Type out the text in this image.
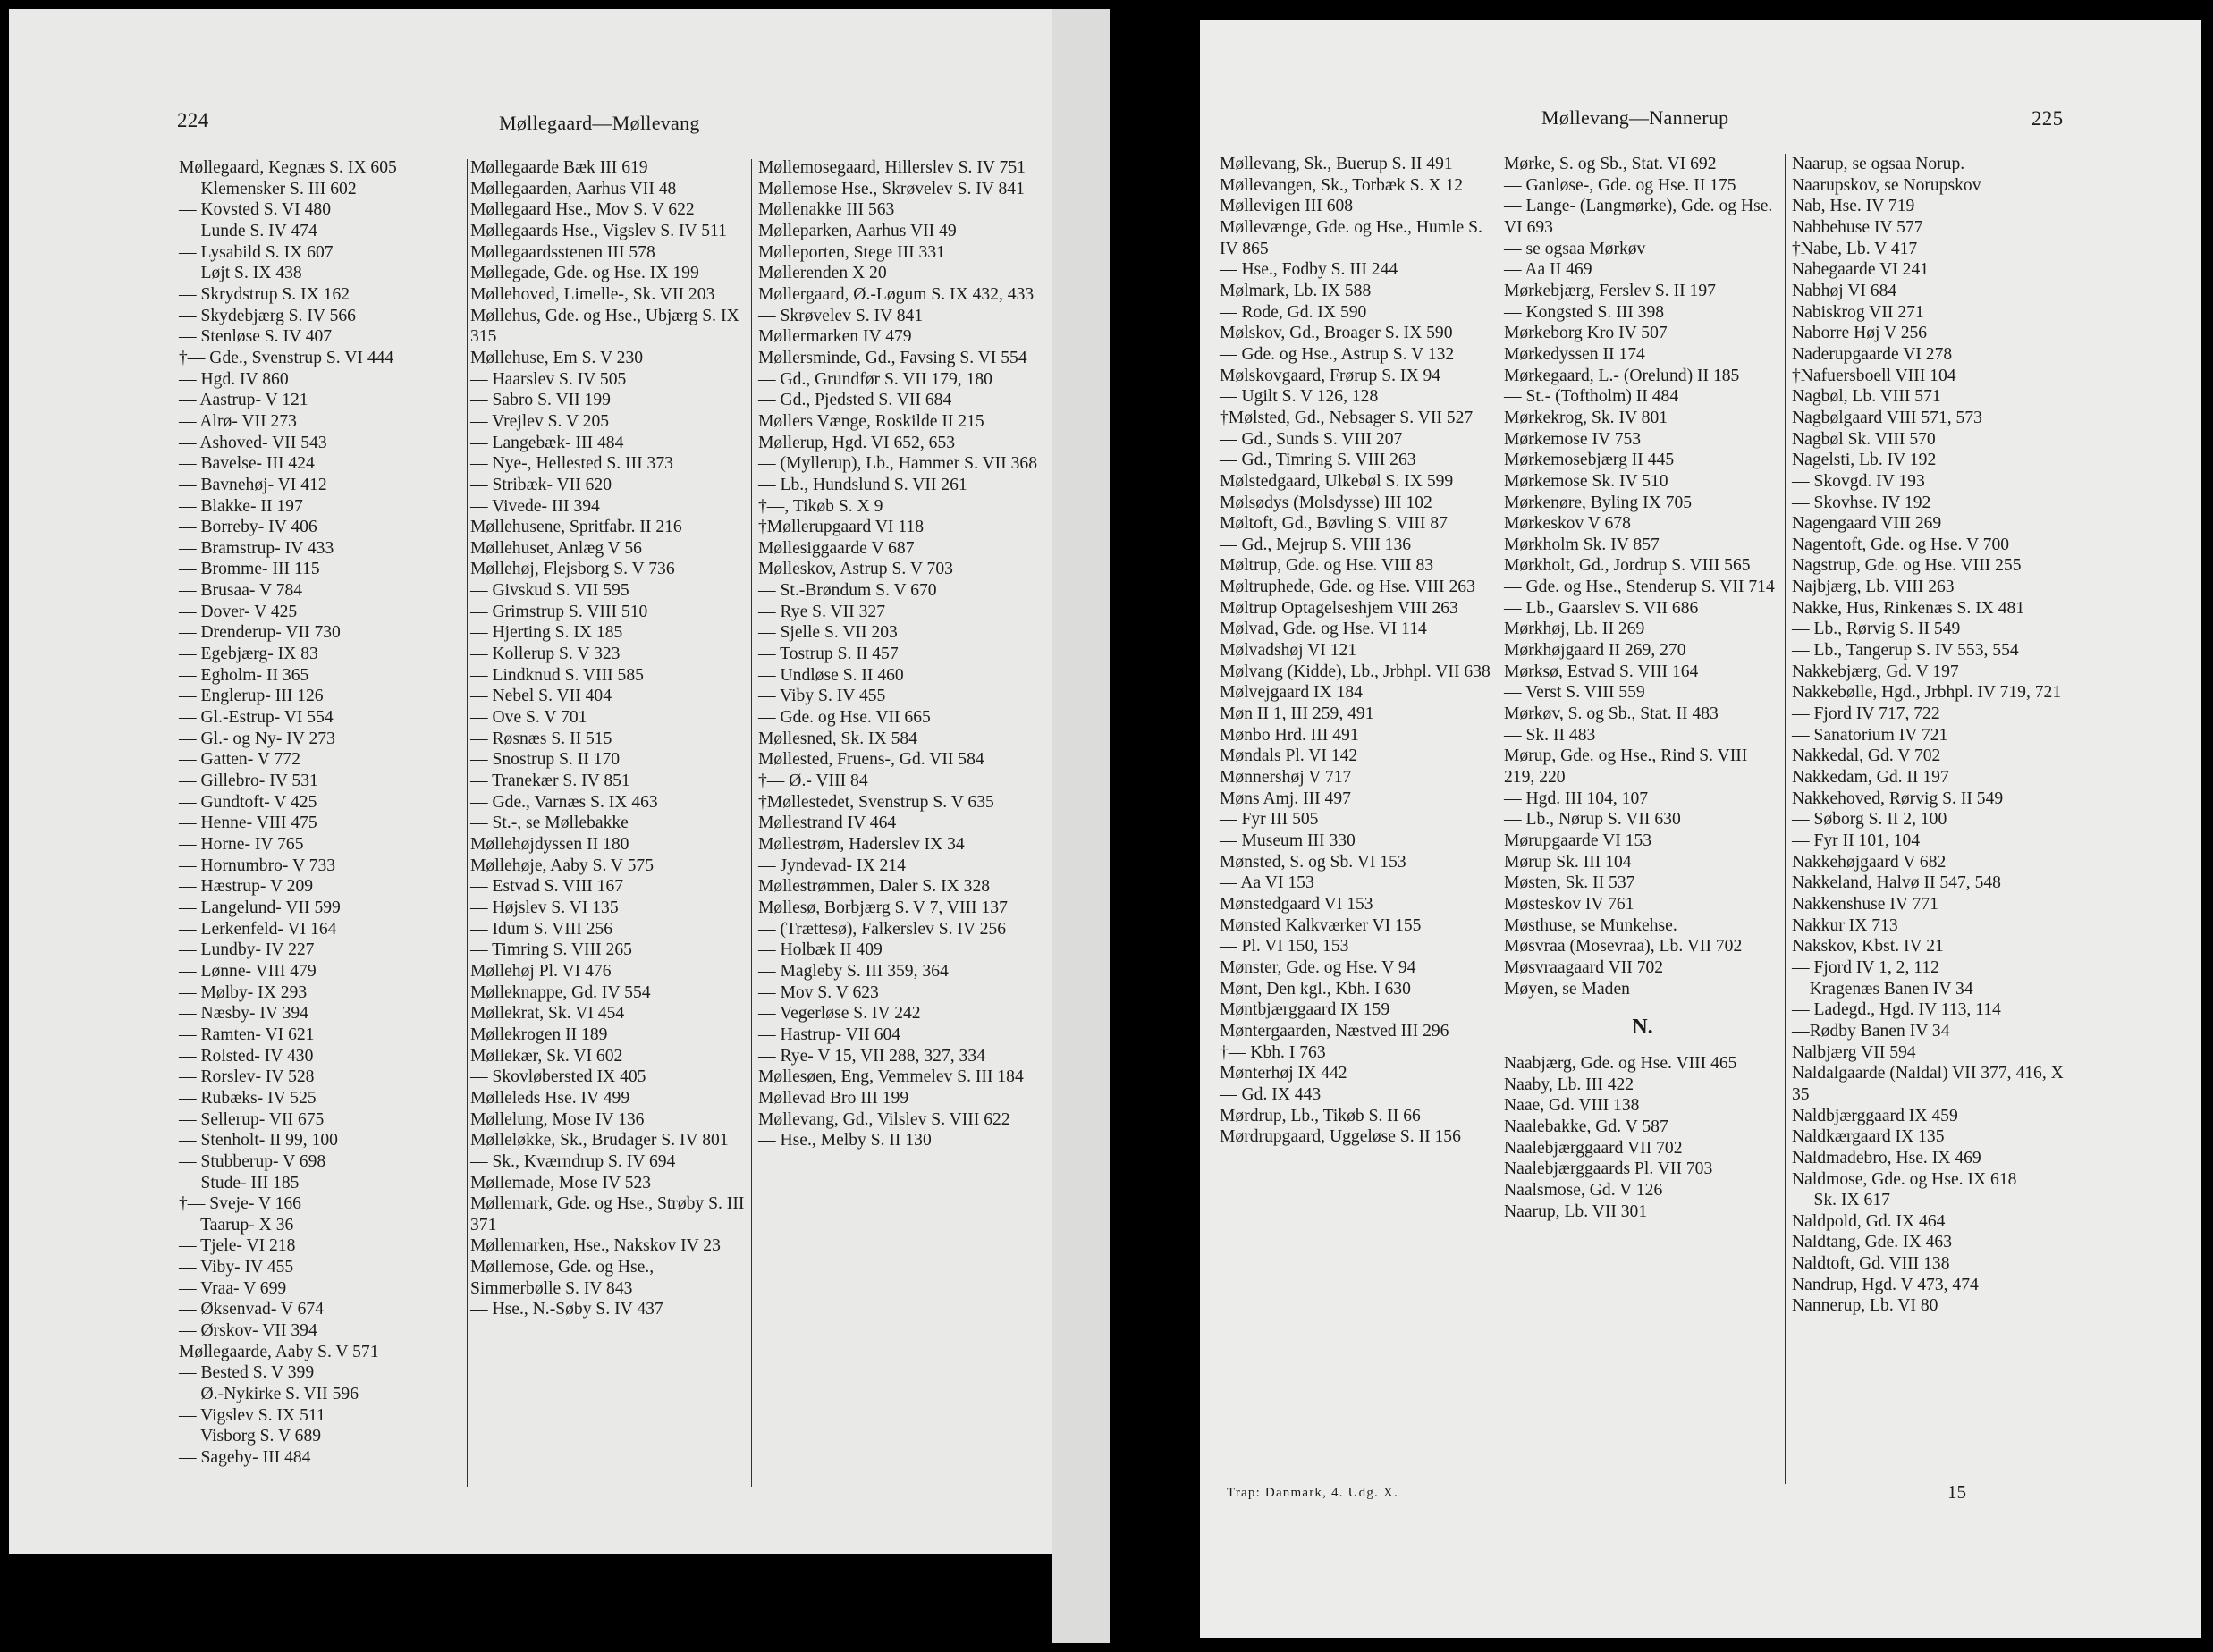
224	Møllegaard—Møllevang
Møllegaard, Kegnæs S. IX 605
— Klemensker S. III 602
— Kovsted S. VI 480
— Lunde S. IV 474
— Lysabild S. IX 607
— Løjt S. IX 438
— Skrydstrup S. IX 162
— Skydebjærg S. IV 566
— Stenløse S. IV 407
†— Gde., Svenstrup S. VI 444
— Hgd. IV 860
— Aastrup- V 121
— Alrø- VII 273
— Ashoved- VII 543
— Bavelse- III 424
— Bavnehøj- VI 412
— Blakke- II 197
— Borreby- IV 406
— Bramstrup- IV 433
— Bromme- III 115
— Brusaa- V 784
— Dover- V 425
— Drenderup- VII 730
— Egebjærg- IX 83
— Egholm- II 365
— Englerup- III 126
— Gl.-Estrup- VI 554
— Gl.- og Ny- IV 273
— Gatten- V 772
— Gillebro- IV 531
— Gundtoft- V 425
— Henne- VIII 475
— Horne- IV 765
— Hornumbro- V 733
— Hæstrup- V 209
— Langelund- VII 599
— Lerkenfeld- VI 164
— Lundby- IV 227
— Lønne- VIII 479
— Mølby- IX 293
— Næsby- IV 394
— Ramten- VI 621
— Rolsted- IV 430
— Rorslev- IV 528
— Rubæks- IV 525
— Sellerup- VII 675
— Stenholt- II 99, 100
— Stubberup- V 698
— Stude- III 185
†— Sveje- V 166
— Taarup- X 36
— Tjele- VI 218
— Viby- IV 455
— Vraa- V 699
— Øksenvad- V 674
— Ørskov- VII 394
Møllegaarde, Aaby S. V 571
— Bested S. V 399
— Ø.-Nykirke S. VII 596
— Vigslev S. IX 511
— Visborg S. V 689
— Sageby- III 484
Møllegaarde Bæk III 619
Møllegaarden, Aarhus VII 48
Møllegaard Hse., Mov S. V 622
Møllegaards Hse., Vigslev S. IV 511
Møllegaardsstenen III 578
Møllegade, Gde. og Hse. IX 199
Møllehoved, Limelle-, Sk. VII 203
Møllehus, Gde. og Hse., Ubjærg S. IX 315
Møllehuse, Em S. V 230
— Haarslev S. IV 505
— Sabro S. VII 199
— Vrejlev S. V 205
— Langebæk- III 484
— Nye-, Hellested S. III 373
— Stribæk- VII 620
— Vivede- III 394
Møllehusene, Spritfabr. II 216
Møllehuset, Anlæg V 56
Møllehøj, Flejsborg S. V 736
— Givskud S. VII 595
— Grimstrup S. VIII 510
— Hjerting S. IX 185
— Kollerup S. V 323
— Lindknud S. VIII 585
— Nebel S. VII 404
— Ove S. V 701
— Røsnæs S. II 515
— Snostrup S. II 170
— Tranekær S. IV 851
— Gde., Varnæs S. IX 463
— St.-, se Møllebakke
Møllehøjdyssen II 180
Møllehøje, Aaby S. V 575
— Estvad S. VIII 167
— Højslev S. VI 135
— Idum S. VIII 256
— Timring S. VIII 265
Møllehøj Pl. VI 476
Mølleknappe, Gd. IV 554
Møllekrat, Sk. VI 454
Møllekrogen II 189
Møllekær, Sk. VI 602
— Skovløbersted IX 405
Mølleleds Hse. IV 499
Møllelung, Mose IV 136
Mølleløkke, Sk., Brudager S. IV 801
— Sk., Kværndrup S. IV 694
Møllemade, Mose IV 523
Møllemark, Gde. og Hse., Strøby S. III 371
Møllemarken, Hse., Nakskov IV 23
Møllemose, Gde. og Hse., Simmerbølle S. IV 843
— Hse., N.-Søby S. IV 437
Møllemosegaard, Hillerslev S. IV 751
Møllemose Hse., Skrøvelev S. IV 841
Møllenakke III 563
Mølleparken, Aarhus VII 49
Mølleporten, Stege III 331
Møllerenden X 20
Møllergaard, Ø.-Løgum S. IX 432, 433
— Skrøvelev S. IV 841
Møllermarken IV 479
Møllersminde, Gd., Favsing S. VI 554
— Gd., Grundfør S. VII 179, 180
— Gd., Pjedsted S. VII 684
Møllers Vænge, Roskilde II 215
Møllerup, Hgd. VI 652, 653
— (Myllerup), Lb., Hammer S. VII 368
— Lb., Hundslund S. VII 261
†—, Tikøb S. X 9
†Møllerupgaard VI 118
Møllesiggaarde V 687
Mølleskov, Astrup S. V 703
— St.-Brøndum S. V 670
— Rye S. VII 327
— Sjelle S. VII 203
— Tostrup S. II 457
— Undløse S. II 460
— Viby S. IV 455
— Gde. og Hse. VII 665
Møllesned, Sk. IX 584
Møllested, Fruens-, Gd. VII 584
†— Ø.- VIII 84
†Møllestedet, Svenstrup S. V 635
Møllestrand IV 464
Møllestrøm, Haderslev IX 34
— Jyndevad- IX 214
Møllestrømmen, Daler S. IX 328
Møllesø, Borbjærg S. V 7, VIII 137
— (Trættesø), Falkerslev S. IV 256
— Holbæk II 409
— Magleby S. III 359, 364
— Mov S. V 623
— Vegerløse S. IV 242
— Hastrup- VII 604
— Rye- V 15, VII 288, 327, 334
Møllesøen, Eng, Vemmelev S. III 184
Møllevad Bro III 199
Møllevang, Gd., Vilslev S. VIII 622
— Hse., Melby S. II 130
Møllevang—Nannerup	225
Møllevang, Sk., Buerup S. II 491
Møllevangen, Sk., Torbæk S. X 12
Møllevigen III 608
Møllevænge, Gde. og Hse., Humle S. IV 865
— Hse., Fodby S. III 244
Mølmark, Lb. IX 588
— Rode, Gd. IX 590
Mølskov, Gd., Broager S. IX 590
— Gde. og Hse., Astrup S. V 132
Mølskovgaard, Frørup S. IX 94
— Ugilt S. V 126, 128
†Mølsted, Gd., Nebsager S. VII 527
— Gd., Sunds S. VIII 207
— Gd., Timring S. VIII 263
Mølstedgaard, Ulkebøl S. IX 599
Mølsødys (Molsdysse) III 102
Møltoft, Gd., Bøvling S. VIII 87
— Gd., Mejrup S. VIII 136
Møltrup, Gde. og Hse. VIII 83
Møltruphede, Gde. og Hse. VIII 263
Møltrup Optagelseshjem VIII 263
Mølvad, Gde. og Hse. VI 114
Mølvadshøj VI 121
Mølvang (Kidde), Lb., Jrbhpl. VII 638
Mølvejgaard IX 184
Møn II 1, III 259, 491
Mønbo Hrd. III 491
Møndals Pl. VI 142
Mønnershøj V 717
Møns Amj. III 497
— Fyr III 505
— Museum III 330
Mønsted, S. og Sb. VI 153
— Aa VI 153
Mønstedgaard VI 153
Mønsted Kalkværker VI 155
— Pl. VI 150, 153
Mønster, Gde. og Hse. V 94
Mønt, Den kgl., Kbh. I 630
Møntbjærggaard IX 159
Møntergaarden, Næstved III 296
†— Kbh. I 763
Mønterhøj IX 442
— Gd. IX 443
Mørdrup, Lb., Tikøb S. II 66
Mørdrupgaard, Uggeløse S. II 156
Mørke, S. og Sb., Stat. VI 692
— Ganløse-, Gde. og Hse. II 175
— Lange- (Langmørke), Gde. og Hse. VI 693
— se ogsaa Mørkøv
— Aa II 469
Mørkebjærg, Ferslev S. II 197
— Kongsted S. III 398
Mørkeborg Kro IV 507
Mørkedyssen II 174
Mørkegaard, L.- (Orelund) II 185
— St.- (Toftholm) II 484
Mørkekrog, Sk. IV 801
Mørkemose IV 753
Mørkemosebjærg II 445
Mørkemose Sk. IV 510
Mørkenøre, Byling IX 705
Mørkeskov V 678
Mørkholm Sk. IV 857
Mørkholt, Gd., Jordrup S. VIII 565
— Gde. og Hse., Stenderup S. VII 714
— Lb., Gaarslev S. VII 686
Mørkhøj, Lb. II 269
Mørkhøjgaard II 269, 270
Mørksø, Estvad S. VIII 164
— Verst S. VIII 559
Mørkøv, S. og Sb., Stat. II 483
— Sk. II 483
Mørup, Gde. og Hse., Rind S. VIII 219, 220
— Hgd. III 104, 107
— Lb., Nørup S. VII 630
Mørupgaarde VI 153
Mørup Sk. III 104
Møsten, Sk. II 537
Møsteskov IV 761
Møsthuse, se Munkehse.
Møsvraa (Mosevraa), Lb. VII 702
Møsvraagaard VII 702
Møyen, se Maden
N.
Naabjærg, Gde. og Hse. VIII 465
Naaby, Lb. III 422
Naae, Gd. VIII 138
Naalebakke, Gd. V 587
Naalebjærggaard VII 702
Naalebjærggaards Pl. VII 703
Naalsmose, Gd. V 126
Naarup, Lb. VII 301
Naarup, se ogsaa Norup.
Naarupskov, se Norupskov
Nab, Hse. IV 719
Nabbehuse IV 577
†Nabe, Lb. V 417
Nabegaarde VI 241
Nabhøj VI 684
Nabiskrog VII 271
Naborre Høj V 256
Naderupgaarde VI 278
†Nafuersboell VIII 104
Nagbøl, Lb. VIII 571
Nagbølgaard VIII 571, 573
Nagbøl Sk. VIII 570
Nagelsti, Lb. IV 192
— Skovgd. IV 193
— Skovhse. IV 192
Nagengaard VIII 269
Nagentoft, Gde. og Hse. V 700
Nagstrup, Gde. og Hse. VIII 255
Najbjærg, Lb. VIII 263
Nakke, Hus, Rinkenæs S. IX 481
— Lb., Rørvig S. II 549
— Lb., Tangerup S. IV 553, 554
Nakkebjærg, Gd. V 197
Nakkebølle, Hgd., Jrbhpl. IV 719, 721
— Fjord IV 717, 722
— Sanatorium IV 721
Nakkedal, Gd. V 702
Nakkedam, Gd. II 197
Nakkehoved, Rørvig S. II 549
— Søborg S. II 2, 100
— Fyr II 101, 104
Nakkehøjgaard V 682
Nakkeland, Halvø II 547, 548
Nakkenshuse IV 771
Nakkur IX 713
Nakskov, Kbst. IV 21
— Fjord IV 1, 2, 112
—Kragenæs Banen IV 34
— Ladegd., Hgd. IV 113, 114
—Rødby Banen IV 34
Nalbjærg VII 594
Naldalgaarde (Naldal) VII 377, 416, X 35
Naldbjærggaard IX 459
Naldkærgaard IX 135
Naldmadebro, Hse. IX 469
Naldmose, Gde. og Hse. IX 618
— Sk. IX 617
Naldpold, Gd. IX 464
Naldtang, Gde. IX 463
Naldtoft, Gd. VIII 138
Nandrup, Hgd. V 473, 474
Nannerup, Lb. VI 80
Trap: Danmark, 4. Udg. X.	15
